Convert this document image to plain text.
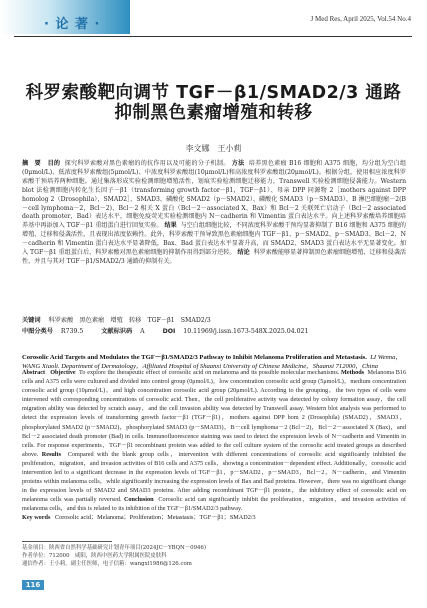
· 论 著 ·	J Med Res, April 2025, Vol.54 No.4
科罗索酸靶向调节 TGF－β1/SMAD2/3 通路
抑制黑色素瘤增殖和转移
李文娜　王小莉
摘　要 目的 探究科罗索酸对黑色素瘤的的抗作用以及可能的分子机制。 方法 培养黑色素瘤 B16 细胞和 A375 细胞，均分组为空白组(0μmol/L)、低浓度科罗索酸组(5μmol/L)、中浓度科罗索酸组(10μmol/L)和高浓度科罗索酸组(20μmol/L)。根据分组，使用相应浓度科罗索酸干预培养两种细胞。通过集落形成实验检测细胞增殖活性，划痕实验检测细胞迁移能力，Transwell 实验检测细胞侵袭能力。Western blot 法检测细胞内转化生长因子－β1（transforming growth factor－β1，TGF－β1）、母亲 DPP 同源物 2［mothers against DPP homolog 2（Drosophila），SMAD2］、SMAD3、磷酸化 SMAD2（p－SMAD2）、磷酸化 SMAD3（p－SMAD3）、B 淋巴细胞瘤－2(B－cell lymphoma－2，Bcl－2)、Bcl－2 相关 X 蛋白（Bcl－2－associated X，Bax）和 Bcl－2 关联死亡启动子（Bcl－2 associated death promoter，Bad）表达水平，细胞免疫荧光实验检测细胞内 N－cadherin 和 Vimentin 蛋白表达水平。向上述科罗索酸培养细胞培养基中再添加入 TGF－β1 重组蛋白进行回复实验。 结果 与空白组细胞比较，不同浓度科罗索酸干预均显著抑制了 B16 细胞和 A375 细胞的增殖、迁移和侵袭活性，且表现出浓度依赖性。此外，科罗索酸干预导致黑色素瘤细胞内 TGF－β1、p－SMAD2、p－SMAD3、Bcl－2、N－cadherin 和 Vimentin 蛋白表达水平显著降低，Bax、Bad 蛋白表达水平显著升高，而 SMAD2、SMAD3 蛋白表达水平无显著变化。加入 TGF－β1 重组蛋白后，科罗索酸对黑色素瘤细胞的抑制作用得到部分逆转。 结论 科罗索酸能够显著抑制黑色素瘤细胞增殖、迁移和侵袭活性，并且与其对 TGF－β1/SMAD2/3 通路的抑制有关。
关键词 科罗索酸　黑色素瘤　增殖　转移　TGF－β1　SMAD2/3
中图分类号 R739.5	文献标识码 A	DOI 10.11969/j.issn.1673-548X.2025.04.021
Corosolic Acid Targets and Modulates the TGF－β1/SMAD2/3 Pathway to Inhibit Melanoma Proliferation and Metastasis. LI Wenna，WANG Xiaoli. Department of Dermatology，Affiliated Hospital of Shaanxi University of Chinese Medicine，Shaanxi 712000，China
Abstract Objective To explore the therapeutic effect of corosolic acid on melanoma and its possible molecular mechanisms. Methods Melanoma B16 cells and A375 cells were cultured and divided into control group (0μmol/L)，low concentration corosolic acid group (5μmol/L)，medium concentration corosolic acid group (10μmol/L)，and high concentration corosolic acid group (20μmol/L). According to the grouping，the two types of cells were intervened with corresponding concentrations of corosolic acid. Then，the cell proliferative activity was detected by colony formation assay，the cell migration ability was detected by scratch assay，and the cell invasion ability was detected by Transwell assay. Western blot analysis was performed to detect the expression levels of transforming growth factor－β1 (TGF－β1)，mothers against DPP hom 2 (Drosophila) (SMAD2)，SMAD3，phosphorylated SMAD2 (p－SMAD2)，phosphorylated SMAD3 (p－SMAD3)，B－cell lymphoma－2 (Bcl－2)，Bcl－2－associated X (Bax)，and Bcl－2 associated death promoter (Bad) in cells. Immunofluorescence staining was used to detect the expression levels of N－cadherin and Vimentin in cells. For response experiments，TGF－β1 recombinant protein was added to the cell culture system of the corosolic acid treated groups as described above. Results Compared with the blank group cells，intervention with different concentrations of corosolic acid significantly inhibited the proliferation，migration，and invasion activities of B16 cells and A375 cells，showing a concentration－dependent effect. Additionally，corosolic acid intervention led to a significant decrease in the expression levels of TGF－β1，p－SMAD2，p－SMAD3，Bcl－2，N－cadherin，and Vimentin proteins within melanoma cells，while significantly increasing the expression levels of Bax and Bad proteins. However，there was no significant change in the expression levels of SMAD2 and SMAD3 proteins. After adding recombinant TGF－β1 protein，the inhibitory effect of corosolic acid on melanoma cells was partially reversed. Conclusion Corosolic acid can significantly inhibit the proliferation，migration，and invasion activities of melanoma cells，and this is related to its inhibition of the TGF－β1/SMAD2/3 pathway.
Key words Corosolic acid；Melanoma；Proliferation；Metastasis；TGF－β1；SMAD2/3
基金项目：陕西省自然科学基础研究计划青年项目(2024JC－YBQN－0946)
作者单位：712000　咸阳，陕西中医药大学附属医院皮肤科
通信作者：王小莉，副主任医师，电子信箱：wangxl1986@126.com
116
